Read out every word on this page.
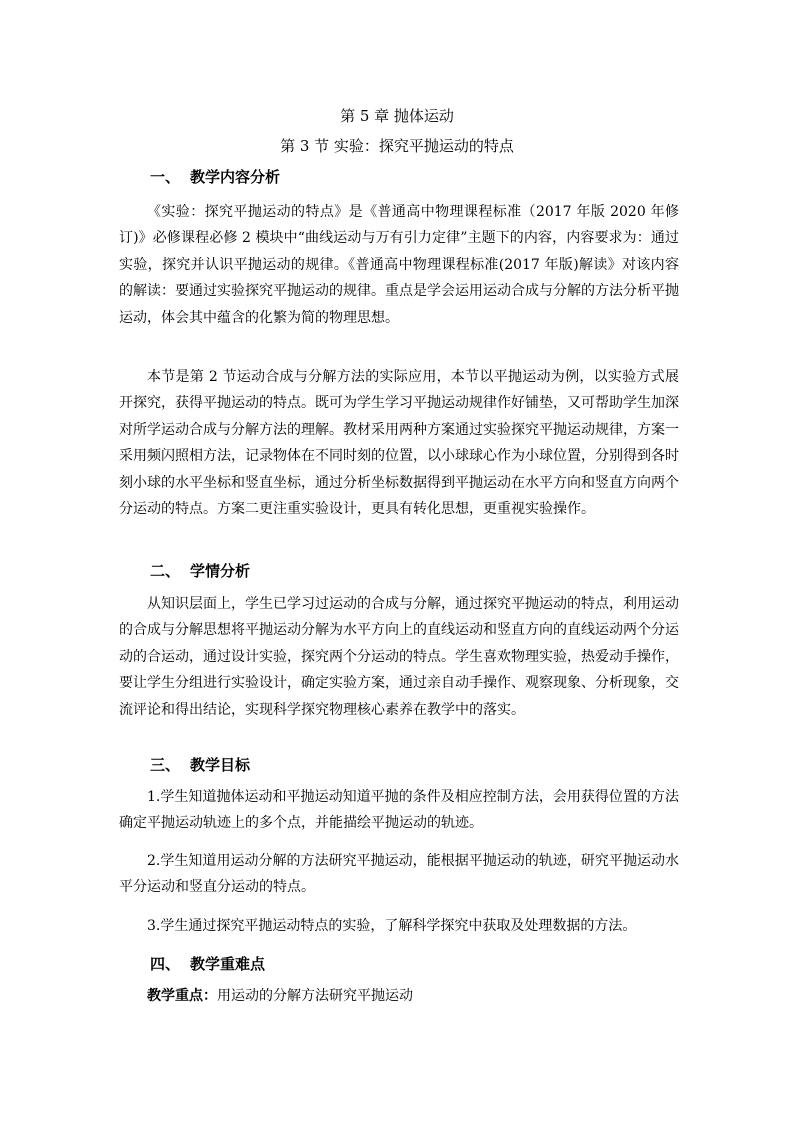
第 5 章 抛体运动
第 3 节 实验：探究平抛运动的特点
一、 教学内容分析
《实验：探究平抛运动的特点》是《普通高中物理课程标准（2017 年版 2020 年修订)》必修课程必修 2 模块中“曲线运动与万有引力定律”主题下的内容，内容要求为：通过实验，探究并认识平抛运动的规律。《普通高中物理课程标准(2017 年版)解读》对该内容的解读：要通过实验探究平抛运动的规律。重点是学会运用运动合成与分解的方法分析平抛运动，体会其中蕴含的化繁为简的物理思想。
本节是第 2 节运动合成与分解方法的实际应用，本节以平抛运动为例，以实验方式展开探究，获得平抛运动的特点。既可为学生学习平抛运动规律作好铺垫，又可帮助学生加深对所学运动合成与分解方法的理解。教材采用两种方案通过实验探究平抛运动规律，方案一采用频闪照相方法，记录物体在不同时刻的位置，以小球球心作为小球位置，分别得到各时刻小球的水平坐标和竖直坐标，通过分析坐标数据得到平抛运动在水平方向和竖直方向两个分运动的特点。方案二更注重实验设计，更具有转化思想，更重视实验操作。
二、 学情分析
从知识层面上，学生已学习过运动的合成与分解，通过探究平抛运动的特点，利用运动的合成与分解思想将平抛运动分解为水平方向上的直线运动和竖直方向的直线运动两个分运动的合运动，通过设计实验，探究两个分运动的特点。学生喜欢物理实验，热爱动手操作，要让学生分组进行实验设计，确定实验方案，通过亲自动手操作、观察现象、分析现象，交流评论和得出结论，实现科学探究物理核心素养在教学中的落实。
三、 教学目标
1.学生知道抛体运动和平抛运动知道平抛的条件及相应控制方法，会用获得位置的方法确定平抛运动轨迹上的多个点，并能描绘平抛运动的轨迹。
2.学生知道用运动分解的方法研究平抛运动，能根据平抛运动的轨迹，研究平抛运动水平分运动和竖直分运动的特点。
3.学生通过探究平抛运动特点的实验，了解科学探究中获取及处理数据的方法。
四、 教学重难点
教学重点：用运动的分解方法研究平抛运动
